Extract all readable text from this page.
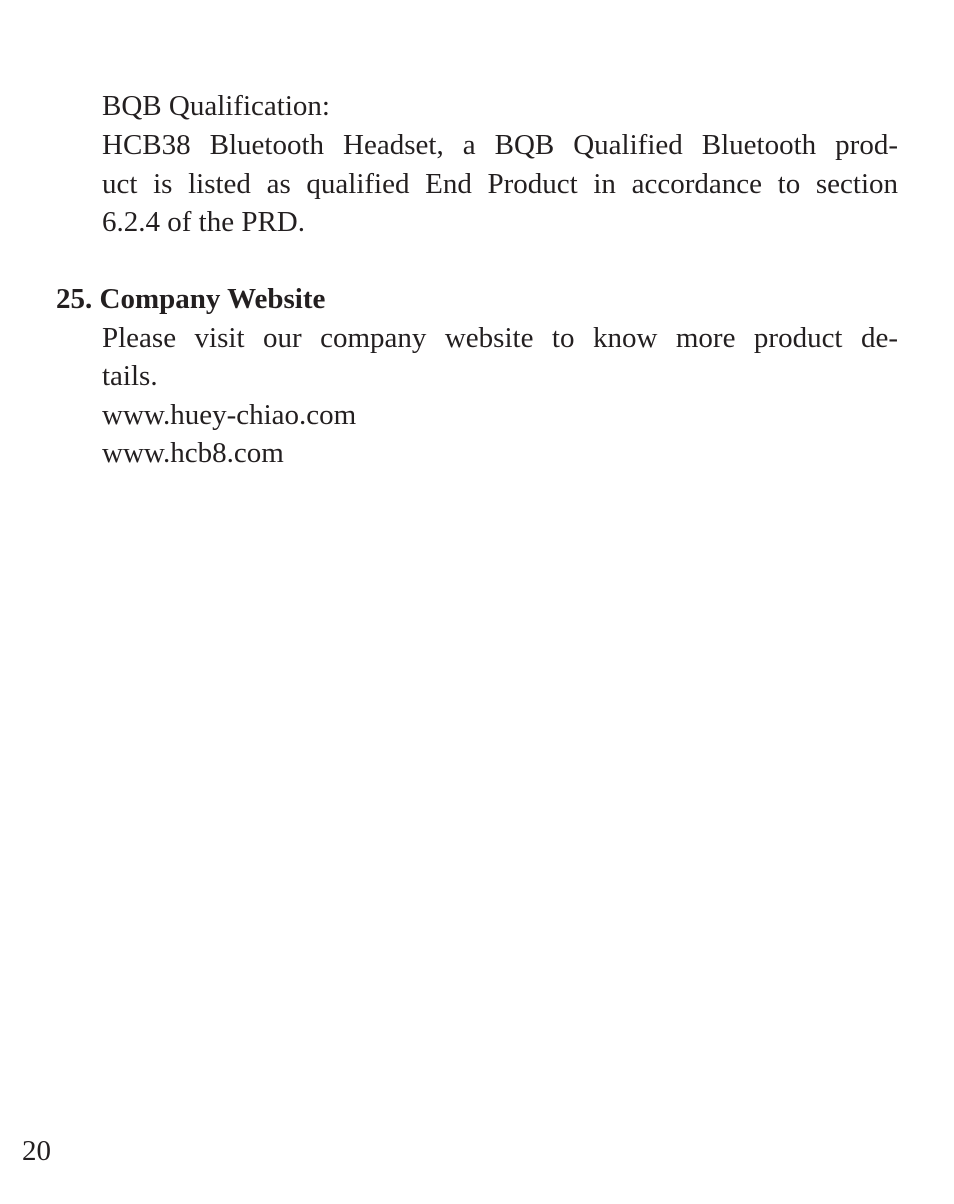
BQB Qualification:
HCB38 Bluetooth Headset, a BQB Qualified Bluetooth prod-
uct is listed as qualified End Product in accordance to section
6.2.4 of the PRD.
25. Company Website
Please visit our company website to know more product de-
tails.
www.huey-chiao.com
www.hcb8.com
20
